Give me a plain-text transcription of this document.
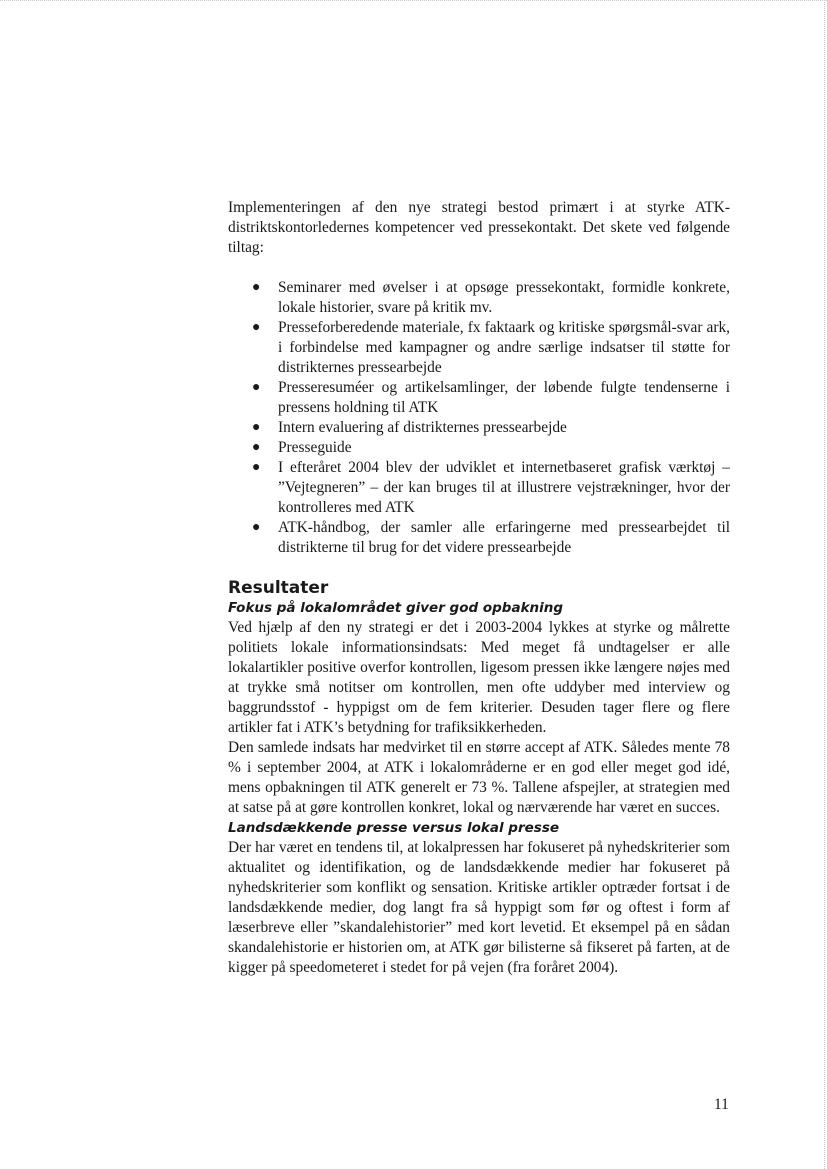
Implementeringen af den nye strategi bestod primært i at styrke ATK-distriktskontorledernes kompetencer ved pressekontakt. Det skete ved følgende tiltag:

● Seminarer med øvelser i at opsøge pressekontakt, formidle konkrete, lokale historier, svare på kritik mv.
● Presseforberedende materiale, fx faktaark og kritiske spørgsmål-svar ark, i forbindelse med kampagner og andre særlige indsatser til støtte for distrikternes pressearbejde
● Presseresuméer og artikelsamlinger, der løbende fulgte tendenserne i pressens holdning til ATK
● Intern evaluering af distrikternes pressearbejde
● Presseguide
● I efteråret 2004 blev der udviklet et internetbaseret grafisk værktøj – ”Vejtegneren” – der kan bruges til at illustrere vejstrækninger, hvor der kontrolleres med ATK
● ATK-håndbog, der samler alle erfaringerne med pressearbejdet til distrikterne til brug for det videre pressearbejde
Resultater
Fokus på lokalområdet giver god opbakning

Ved hjælp af den ny strategi er det i 2003-2004 lykkes at styrke og målrette politiets lokale informationsindsats: Med meget få undtagelser er alle lokalartikler positive overfor kontrollen, ligesom pressen ikke længere nøjes med at trykke små notitser om kontrollen, men ofte uddyber med interview og baggrundsstof - hyppigst om de fem kriterier. Desuden tager flere og flere artikler fat i ATK’s betydning for trafiksikkerheden.

Den samlede indsats har medvirket til en større accept af ATK. Således mente 78 % i september 2004, at ATK i lokalområderne er en god eller meget god idé, mens opbakningen til ATK generelt er 73 %. Tallene afspejler, at strategien med at satse på at gøre kontrollen konkret, lokal og nærværende har været en succes.

Landsdækkende presse versus lokal presse

Der har været en tendens til, at lokalpressen har fokuseret på nyhedskriterier som aktualitet og identifikation, og de landsdækkende medier har fokuseret på nyhedskriterier som konflikt og sensation. Kritiske artikler optræder fortsat i de landsdækkende medier, dog langt fra så hyppigt som før og oftest i form af læserbreve eller ”skandalehistorier” med kort levetid. Et eksempel på en sådan skandalehistorie er historien om, at ATK gør bilisterne så fikseret på farten, at de kigger på speedometeret i stedet for på vejen (fra foråret 2004).

11
